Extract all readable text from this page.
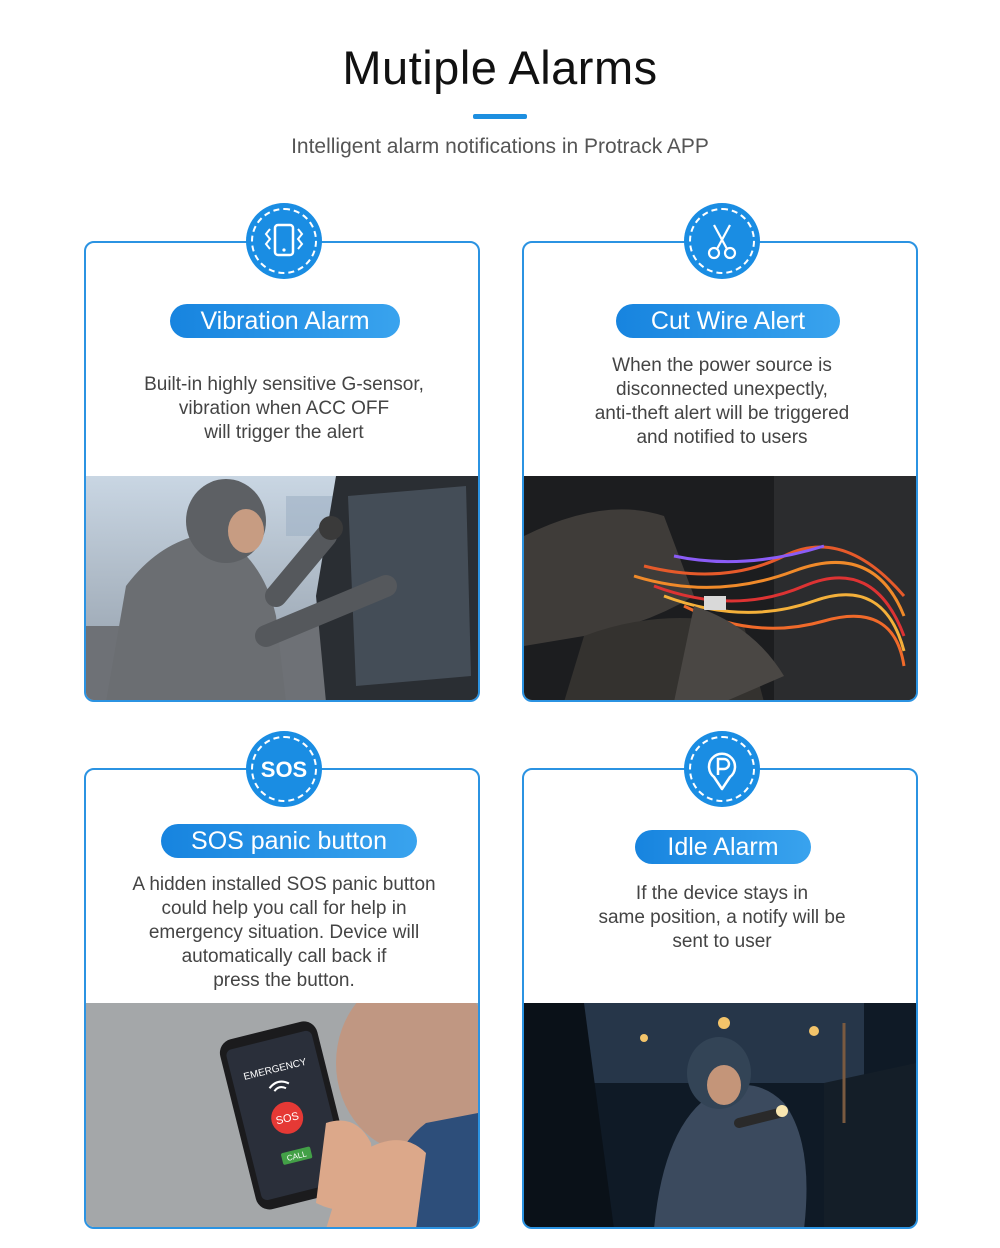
Mutiple Alarms
Intelligent alarm notifications in Protrack APP
Vibration Alarm
Built-in highly sensitive G-sensor,
vibration when ACC OFF
will trigger the alert
Cut Wire Alert
When the power source is
disconnected unexpectly,
anti-theft alert will be triggered
and notified to users
SOS panic button
A hidden installed SOS panic button
could help you call for help in
emergency situation. Device will
automatically call back if
press the button.
EMERGENCY
SOS
CALL
SOS
Idle Alarm
If the device stays in
same position, a notify will be
sent to user
